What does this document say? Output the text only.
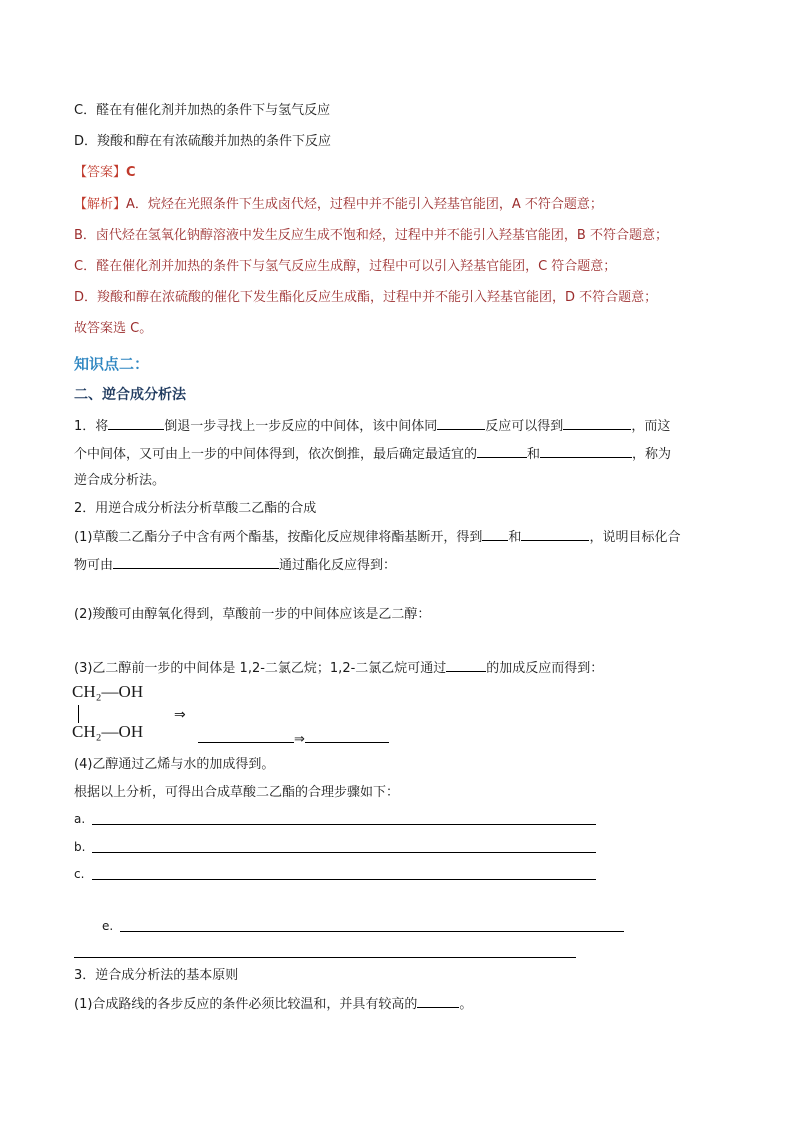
C．醛在有催化剂并加热的条件下与氢气反应
D．羧酸和醇在有浓硫酸并加热的条件下反应
【答案】C
【解析】A．烷烃在光照条件下生成卤代烃，过程中并不能引入羟基官能团，A 不符合题意；
B．卤代烃在氢氧化钠醇溶液中发生反应生成不饱和烃，过程中并不能引入羟基官能团，B 不符合题意；
C．醛在催化剂并加热的条件下与氢气反应生成醇，过程中可以引入羟基官能团，C 符合题意；
D．羧酸和醇在浓硫酸的催化下发生酯化反应生成酯，过程中并不能引入羟基官能团，D 不符合题意；
故答案选 C。
知识点二：
二、逆合成分析法
1．将	倒退一步寻找上一步反应的中间体，该中间体同	反应可以得到	，而这
个中间体，又可由上一步的中间体得到，依次倒推，最后确定最适宜的	和	，称为
逆合成分析法。
2．用逆合成分析法分析草酸二乙酯的合成
(1)草酸二乙酯分子中含有两个酯基，按酯化反应规律将酯基断开，得到 和	，说明目标化合
物可由	通过酯化反应得到：
(2)羧酸可由醇氧化得到，草酸前一步的中间体应该是乙二醇：
(3)乙二醇前一步的中间体是 1,2-二氯乙烷；1,2-二氯乙烷可通过	的加成反应而得到：
CH₂—OH
CH₂—OH
⇒
⇒
(4)乙醇通过乙烯与水的加成得到。
根据以上分析，可得出合成草酸二乙酯的合理步骤如下：
a.
b.
c.
e.
3．逆合成分析法的基本原则
(1)合成路线的各步反应的条件必须比较温和，并具有较高的	。
